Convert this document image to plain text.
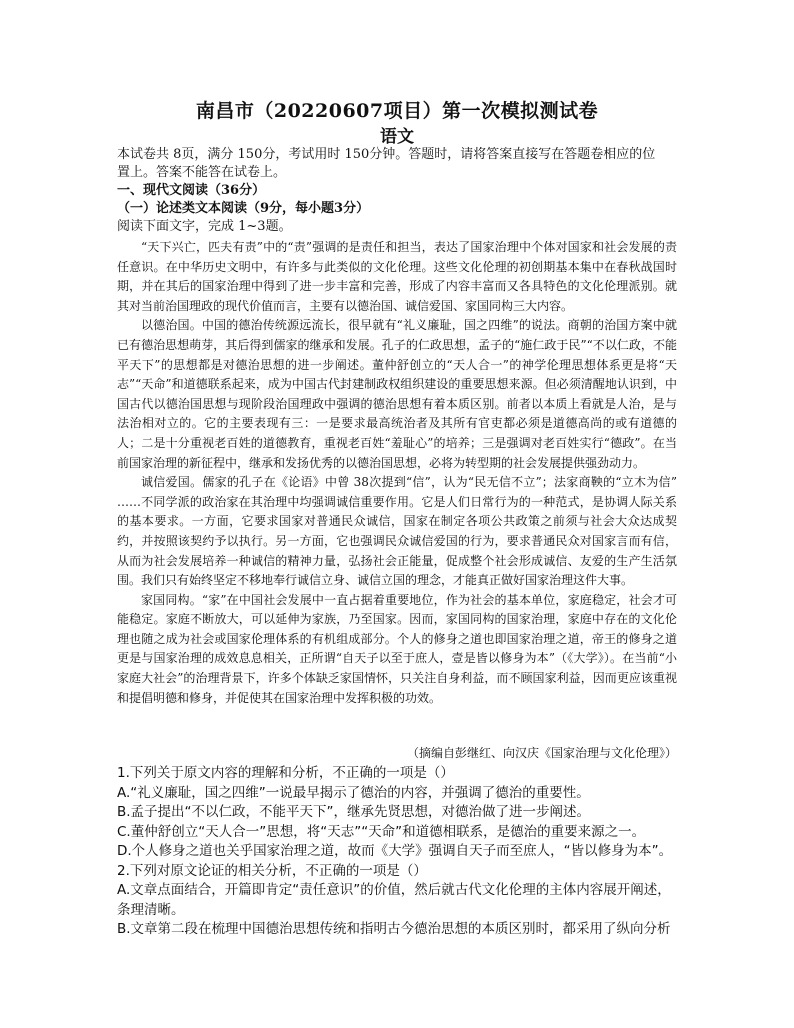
南昌市（20220607项目）第一次模拟测试卷
语文
本试卷共 8页，满分 150分，考试用时 150分钟。答题时，请将答案直接写在答题卷相应的位
置上。答案不能答在试卷上。
一、现代文阅读（36分）
（一）论述类文本阅读（9分，每小题3分）
阅读下面文字，完成 1~3题。

“天下兴亡，匹夫有责”中的“责”强调的是责任和担当，表达了国家治理中个体对国家和社会发展的责任意识。在中华历史文明中，有许多与此类似的文化伦理。这些文化伦理的初创期基本集中在春秋战国时期，并在其后的国家治理中得到了进一步丰富和完善，形成了内容丰富而又各具特色的文化伦理派别。就其对当前治国理政的现代价值而言，主要有以德治国、诚信爱国、家国同构三大内容。

以德治国。中国的德治传统源远流长，很早就有“礼义廉耻，国之四维”的说法。商朝的治国方案中就已有德治思想萌芽，其后得到儒家的继承和发展。孔子的仁政思想，孟子的“施仁政于民”“不以仁政，不能平天下”的思想都是对德治思想的进一步阐述。董仲舒创立的“天人合一”的神学伦理思想体系更是将“天志”“天命”和道德联系起来，成为中国古代封建制政权组织建设的重要思想来源。但必须清醒地认识到，中国古代以德治国思想与现阶段治国理政中强调的德治思想有着本质区别。前者以本质上看就是人治，是与法治相对立的。它的主要表现有三：一是要求最高统治者及其所有官吏都必须是道德高尚的或有道德的人；二是十分重视老百姓的道德教育，重视老百姓“羞耻心”的培养；三是强调对老百姓实行“德政”。在当前国家治理的新征程中，继承和发扬优秀的以德治国思想，必将为转型期的社会发展提供强劲动力。

诚信爱国。儒家的孔子在《论语》中曾 38次提到“信”，认为“民无信不立”；法家商鞅的“立木为信” ……不同学派的政治家在其治理中均强调诚信重要作用。它是人们日常行为的一种范式，是协调人际关系的基本要求。一方面，它要求国家对普通民众诚信，国家在制定各项公共政策之前须与社会大众达成契约，并按照该契约予以执行。另一方面，它也强调民众诚信爱国的行为，要求普通民众对国家言而有信，从而为社会发展培养一种诚信的精神力量，弘扬社会正能量，促成整个社会形成诚信、友爱的生产生活氛围。我们只有始终坚定不移地奉行诚信立身、诚信立国的理念，才能真正做好国家治理这件大事。

家国同构。“家”在中国社会发展中一直占据着重要地位，作为社会的基本单位，家庭稳定，社会才可能稳定。家庭不断放大，可以延伸为家族，乃至国家。因而，家国同构的国家治理，家庭中存在的文化伦理也随之成为社会或国家伦理体系的有机组成部分。个人的修身之道也即国家治理之道，帝王的修身之道更是与国家治理的成效息息相关，正所谓“自天子以至于庶人，壹是皆以修身为本”（《大学》）。在当前“小家庭大社会”的治理背景下，许多个体缺乏家国情怀，只关注自身利益，而不顾国家利益，因而更应该重视和提倡明德和修身，并促使其在国家治理中发挥积极的功效。

（摘编自彭继红、向汉庆《国家治理与文化伦理》）
1.下列关于原文内容的理解和分析，不正确的一项是（）
A.“礼义廉耻，国之四维”一说最早揭示了德治的内容，并强调了德治的重要性。
B.孟子提出“不以仁政，不能平天下”，继承先贤思想，对德治做了进一步阐述。
C.董仲舒创立“天人合一”思想，将“天志”“天命”和道德相联系，是德治的重要来源之一。
D.个人修身之道也关乎国家治理之道，故而《大学》强调自天子而至庶人，“皆以修身为本”。
2.下列对原文论证的相关分析，不正确的一项是（）
A.文章点面结合，开篇即肯定“责任意识”的价值，然后就古代文化伦理的主体内容展开阐述，
条理清晰。
B.文章第二段在梳理中国德治思想传统和指明古今德治思想的本质区别时，都采用了纵向分析
